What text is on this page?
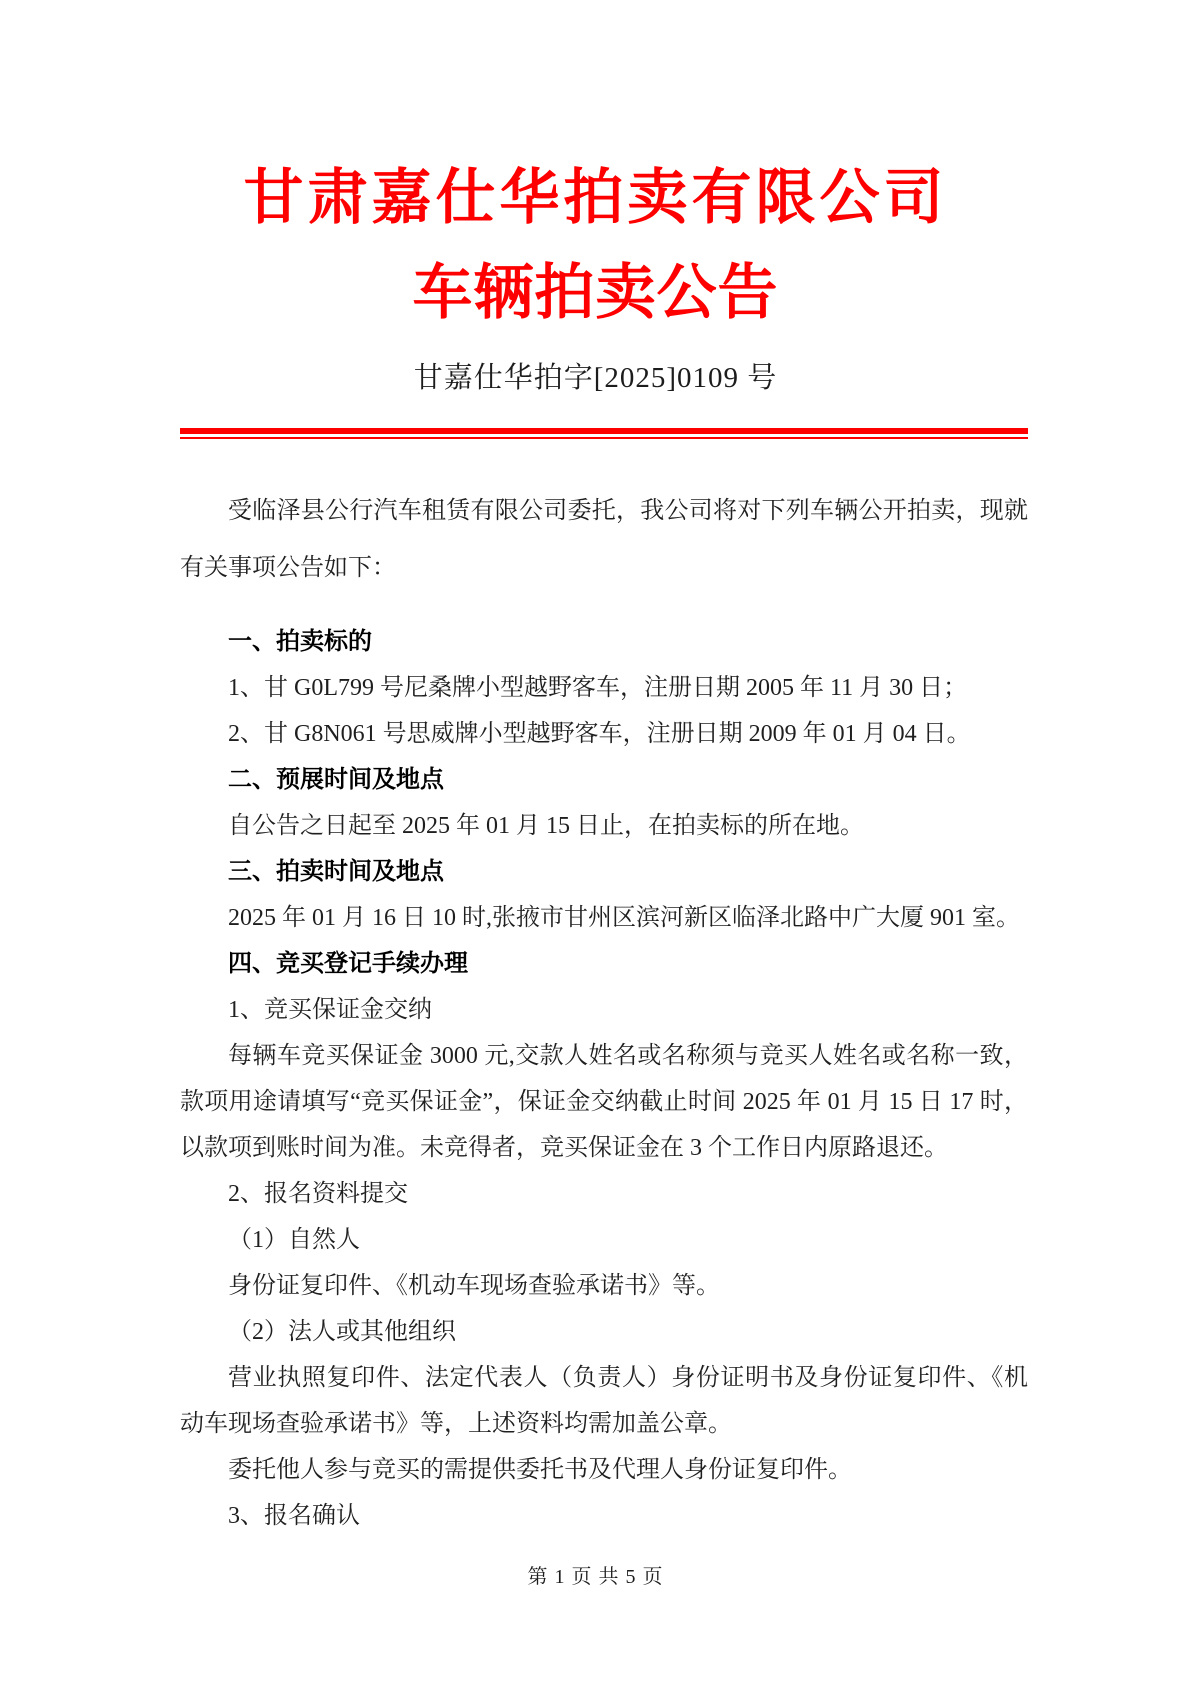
甘肃嘉仕华拍卖有限公司
车辆拍卖公告
甘嘉仕华拍字[2025]0109 号

受临泽县公行汽车租赁有限公司委托，我公司将对下列车辆公开拍卖，现就

有关事项公告如下：

一、拍卖标的

1、甘 G0L799 号尼桑牌小型越野客车，注册日期 2005 年 11 月 30 日；

2、甘 G8N061 号思威牌小型越野客车，注册日期 2009 年 01 月 04 日。

二、预展时间及地点

自公告之日起至 2025 年 01 月 15 日止，在拍卖标的所在地。

三、拍卖时间及地点

2025 年 01 月 16 日 10 时,张掖市甘州区滨河新区临泽北路中广大厦 901 室。

四、竞买登记手续办理

1、竞买保证金交纳

每辆车竞买保证金 3000 元,交款人姓名或名称须与竞买人姓名或名称一致，

款项用途请填写“竞买保证金”，保证金交纳截止时间 2025 年 01 月 15 日 17 时，

以款项到账时间为准。未竞得者，竞买保证金在 3 个工作日内原路退还。

2、报名资料提交

（1）自然人

身份证复印件、《机动车现场查验承诺书》等。

（2）法人或其他组织

营业执照复印件、法定代表人（负责人）身份证明书及身份证复印件、《机

动车现场查验承诺书》等，上述资料均需加盖公章。

委托他人参与竞买的需提供委托书及代理人身份证复印件。

3、报名确认

第 1 页 共 5 页
